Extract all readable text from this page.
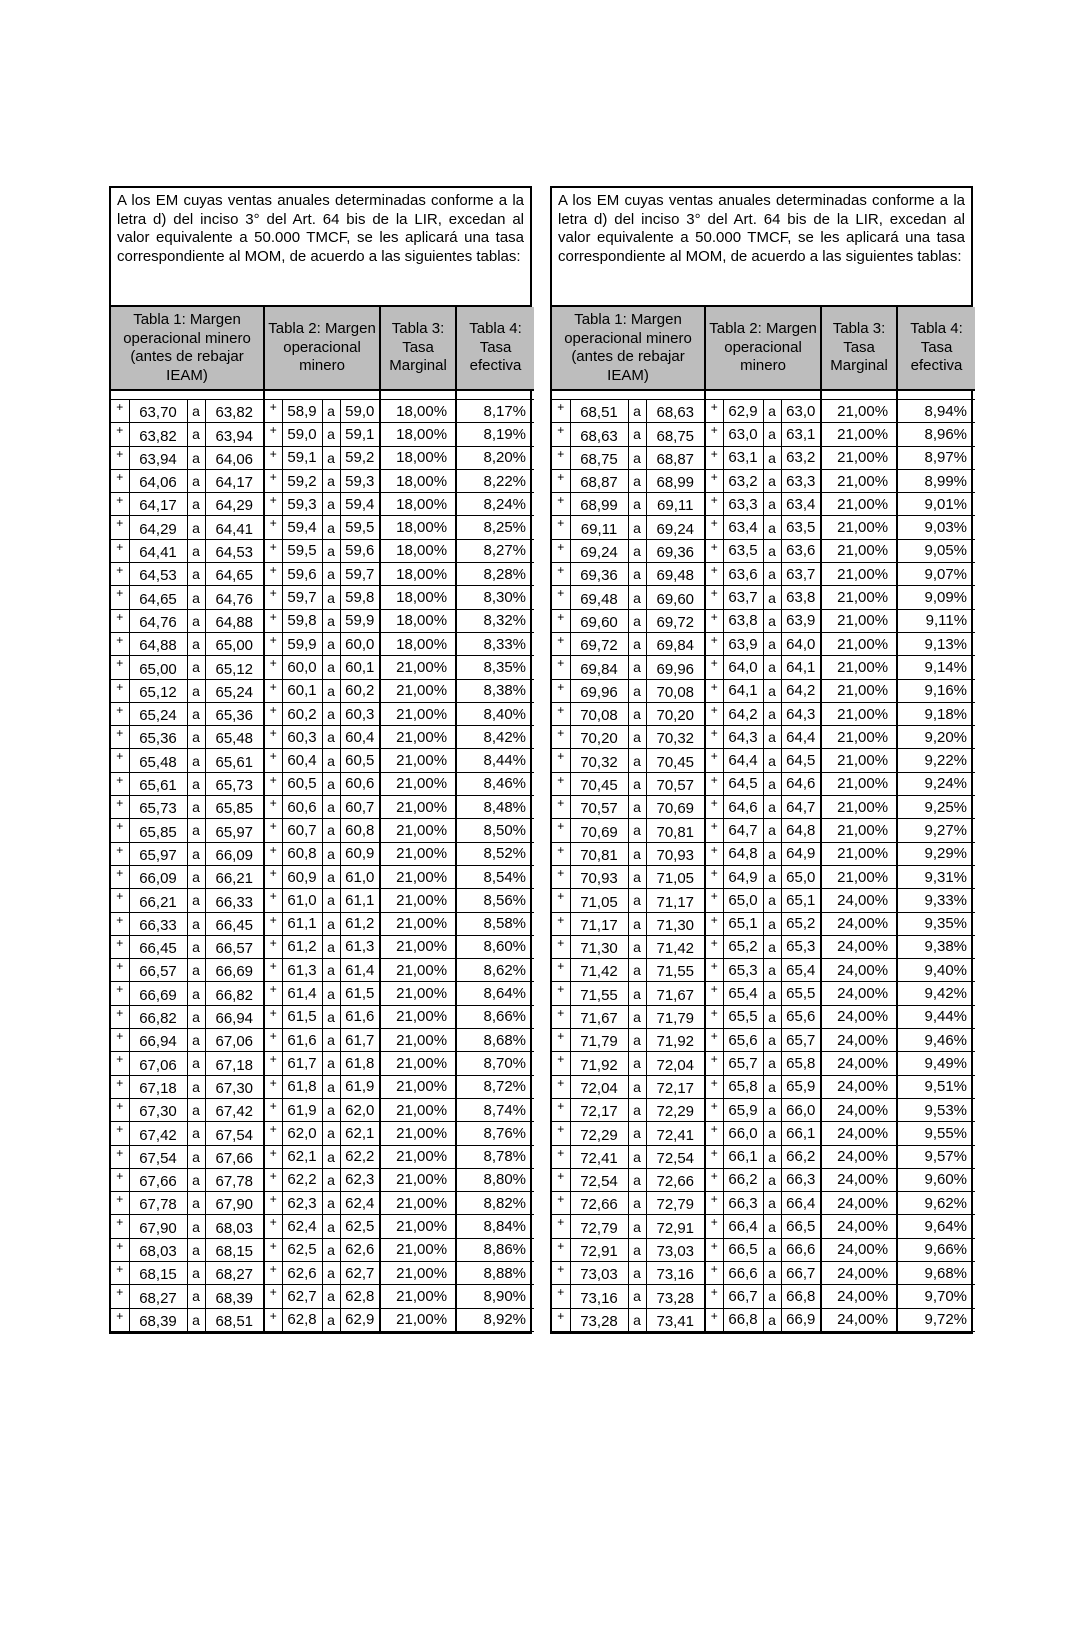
A los EM cuyas ventas anuales determinadas conforme a la letra d) del inciso 3° del Art. 64 bis de la LIR, excedan al valor equivalente a 50.000 TMCF, se les aplicará una tasa correspondiente al MOM, de acuerdo a las siguientes tablas:
Tabla 1: Margen operacional minero (antes de rebajar IEAM)				Tabla 2: Margen operacional minero				Tabla 3: Tasa Marginal	Tabla 4: Tasa efectiva

+	63,70	a	63,82	+	58,9	a	59,0	18,00%	8,17%
+	63,82	a	63,94	+	59,0	a	59,1	18,00%	8,19%
+	63,94	a	64,06	+	59,1	a	59,2	18,00%	8,20%
+	64,06	a	64,17	+	59,2	a	59,3	18,00%	8,22%
+	64,17	a	64,29	+	59,3	a	59,4	18,00%	8,24%
+	64,29	a	64,41	+	59,4	a	59,5	18,00%	8,25%
+	64,41	a	64,53	+	59,5	a	59,6	18,00%	8,27%
+	64,53	a	64,65	+	59,6	a	59,7	18,00%	8,28%
+	64,65	a	64,76	+	59,7	a	59,8	18,00%	8,30%
+	64,76	a	64,88	+	59,8	a	59,9	18,00%	8,32%
+	64,88	a	65,00	+	59,9	a	60,0	18,00%	8,33%
+	65,00	a	65,12	+	60,0	a	60,1	21,00%	8,35%
+	65,12	a	65,24	+	60,1	a	60,2	21,00%	8,38%
+	65,24	a	65,36	+	60,2	a	60,3	21,00%	8,40%
+	65,36	a	65,48	+	60,3	a	60,4	21,00%	8,42%
+	65,48	a	65,61	+	60,4	a	60,5	21,00%	8,44%
+	65,61	a	65,73	+	60,5	a	60,6	21,00%	8,46%
+	65,73	a	65,85	+	60,6	a	60,7	21,00%	8,48%
+	65,85	a	65,97	+	60,7	a	60,8	21,00%	8,50%
+	65,97	a	66,09	+	60,8	a	60,9	21,00%	8,52%
+	66,09	a	66,21	+	60,9	a	61,0	21,00%	8,54%
+	66,21	a	66,33	+	61,0	a	61,1	21,00%	8,56%
+	66,33	a	66,45	+	61,1	a	61,2	21,00%	8,58%
+	66,45	a	66,57	+	61,2	a	61,3	21,00%	8,60%
+	66,57	a	66,69	+	61,3	a	61,4	21,00%	8,62%
+	66,69	a	66,82	+	61,4	a	61,5	21,00%	8,64%
+	66,82	a	66,94	+	61,5	a	61,6	21,00%	8,66%
+	66,94	a	67,06	+	61,6	a	61,7	21,00%	8,68%
+	67,06	a	67,18	+	61,7	a	61,8	21,00%	8,70%
+	67,18	a	67,30	+	61,8	a	61,9	21,00%	8,72%
+	67,30	a	67,42	+	61,9	a	62,0	21,00%	8,74%
+	67,42	a	67,54	+	62,0	a	62,1	21,00%	8,76%
+	67,54	a	67,66	+	62,1	a	62,2	21,00%	8,78%
+	67,66	a	67,78	+	62,2	a	62,3	21,00%	8,80%
+	67,78	a	67,90	+	62,3	a	62,4	21,00%	8,82%
+	67,90	a	68,03	+	62,4	a	62,5	21,00%	8,84%
+	68,03	a	68,15	+	62,5	a	62,6	21,00%	8,86%
+	68,15	a	68,27	+	62,6	a	62,7	21,00%	8,88%
+	68,27	a	68,39	+	62,7	a	62,8	21,00%	8,90%
+	68,39	a	68,51	+	62,8	a	62,9	21,00%	8,92%
A los EM cuyas ventas anuales determinadas conforme a la letra d) del inciso 3° del Art. 64 bis de la LIR, excedan al valor equivalente a 50.000 TMCF, se les aplicará una tasa correspondiente al MOM, de acuerdo a las siguientes tablas:
Tabla 1: Margen operacional minero (antes de rebajar IEAM)				Tabla 2: Margen operacional minero				Tabla 3: Tasa Marginal	Tabla 4: Tasa efectiva

+	68,51	a	68,63	+	62,9	a	63,0	21,00%	8,94%
+	68,63	a	68,75	+	63,0	a	63,1	21,00%	8,96%
+	68,75	a	68,87	+	63,1	a	63,2	21,00%	8,97%
+	68,87	a	68,99	+	63,2	a	63,3	21,00%	8,99%
+	68,99	a	69,11	+	63,3	a	63,4	21,00%	9,01%
+	69,11	a	69,24	+	63,4	a	63,5	21,00%	9,03%
+	69,24	a	69,36	+	63,5	a	63,6	21,00%	9,05%
+	69,36	a	69,48	+	63,6	a	63,7	21,00%	9,07%
+	69,48	a	69,60	+	63,7	a	63,8	21,00%	9,09%
+	69,60	a	69,72	+	63,8	a	63,9	21,00%	9,11%
+	69,72	a	69,84	+	63,9	a	64,0	21,00%	9,13%
+	69,84	a	69,96	+	64,0	a	64,1	21,00%	9,14%
+	69,96	a	70,08	+	64,1	a	64,2	21,00%	9,16%
+	70,08	a	70,20	+	64,2	a	64,3	21,00%	9,18%
+	70,20	a	70,32	+	64,3	a	64,4	21,00%	9,20%
+	70,32	a	70,45	+	64,4	a	64,5	21,00%	9,22%
+	70,45	a	70,57	+	64,5	a	64,6	21,00%	9,24%
+	70,57	a	70,69	+	64,6	a	64,7	21,00%	9,25%
+	70,69	a	70,81	+	64,7	a	64,8	21,00%	9,27%
+	70,81	a	70,93	+	64,8	a	64,9	21,00%	9,29%
+	70,93	a	71,05	+	64,9	a	65,0	21,00%	9,31%
+	71,05	a	71,17	+	65,0	a	65,1	24,00%	9,33%
+	71,17	a	71,30	+	65,1	a	65,2	24,00%	9,35%
+	71,30	a	71,42	+	65,2	a	65,3	24,00%	9,38%
+	71,42	a	71,55	+	65,3	a	65,4	24,00%	9,40%
+	71,55	a	71,67	+	65,4	a	65,5	24,00%	9,42%
+	71,67	a	71,79	+	65,5	a	65,6	24,00%	9,44%
+	71,79	a	71,92	+	65,6	a	65,7	24,00%	9,46%
+	71,92	a	72,04	+	65,7	a	65,8	24,00%	9,49%
+	72,04	a	72,17	+	65,8	a	65,9	24,00%	9,51%
+	72,17	a	72,29	+	65,9	a	66,0	24,00%	9,53%
+	72,29	a	72,41	+	66,0	a	66,1	24,00%	9,55%
+	72,41	a	72,54	+	66,1	a	66,2	24,00%	9,57%
+	72,54	a	72,66	+	66,2	a	66,3	24,00%	9,60%
+	72,66	a	72,79	+	66,3	a	66,4	24,00%	9,62%
+	72,79	a	72,91	+	66,4	a	66,5	24,00%	9,64%
+	72,91	a	73,03	+	66,5	a	66,6	24,00%	9,66%
+	73,03	a	73,16	+	66,6	a	66,7	24,00%	9,68%
+	73,16	a	73,28	+	66,7	a	66,8	24,00%	9,70%
+	73,28	a	73,41	+	66,8	a	66,9	24,00%	9,72%
